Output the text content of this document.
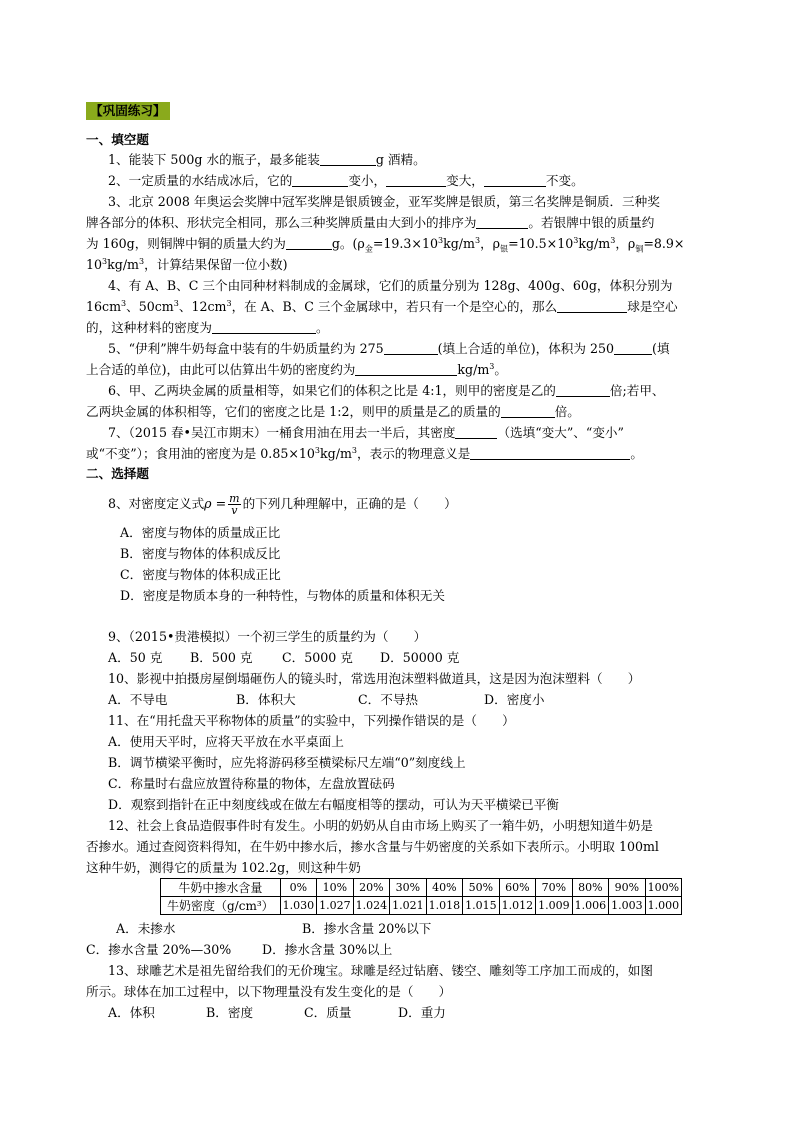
【巩固练习】
一、填空题
1、能装下 500g 水的瓶子，最多能装	g 酒精。
2、一定质量的水结成冰后，它的	变小，	变大，	不变。
3、北京 2008 年奥运会奖牌中冠军奖牌是银质镀金，亚军奖牌是银质，第三名奖牌是铜质．三种奖
牌各部分的体积、形状完全相同，那么三种奖牌质量由大到小的排序为	。若银牌中银的质量约
为 160g，则铜牌中铜的质量大约为	g。($\rho_金=19.3\times 10^3kg/m^3$，$\rho_银=10.5\times 10^3kg/m^3$，$\rho_铜=8.9\times$
$10^3kg/m^3$，计算结果保留一位小数)
4、有 A、B、C 三个由同种材料制成的金属球，它们的质量分别为 128g、400g、60g，体积分别为
$16cm^3$、$50cm^3$、$12cm^3$，在 A、B、C 三个金属球中，若只有一个是空心的，那么	球是空心
的，这种材料的密度为	。
5、“伊利”牌牛奶每盒中装有的牛奶质量约为 275	(填上合适的单位)，体积为 250	(填
上合适的单位)，由此可以估算出牛奶的密度约为	$kg/m^3$。
6、甲、乙两块金属的质量相等，如果它们的体积之比是 4:1，则甲的密度是乙的	倍;若甲、
乙两块金属的体积相等，它们的密度之比是 1:2，则甲的质量是乙的质量的	倍。
7、（2015 春•吴江市期末）一桶食用油在用去一半后，其密度	（选填“变大”、“变小”
或“不变”）；食用油的密度为是 $0.85\times 10^3kg/m^3$，表示的物理意义是	。
二、选择题
8、对密度定义式$\rho = \frac{m}{v}$ 的下列几种理解中，正确的是（　　）
A．密度与物体的质量成正比
B．密度与物体的体积成反比
C．密度与物体的体积成正比
D．密度是物质本身的一种特性，与物体的质量和体积无关
9、（2015•贵港模拟）一个初三学生的质量约为（　　）
A．50 克 B．500 克 C．5000 克 D．50000 克
10、影视中拍摄房屋倒塌砸伤人的镜头时，常选用泡沫塑料做道具，这是因为泡沫塑料（　　）
A．不导电	B．体积大	C．不导热	D．密度小
11、在“用托盘天平称物体的质量”的实验中，下列操作错误的是（　　）
A．使用天平时，应将天平放在水平桌面上
B．调节横梁平衡时，应先将游码移至横梁标尺左端“0”刻度线上
C．称量时右盘应放置待称量的物体，左盘放置砝码
D．观察到指针在正中刻度线或在做左右幅度相等的摆动，可认为天平横梁已平衡
12、社会上食品造假事件时有发生。小明的奶奶从自由市场上购买了一箱牛奶，小明想知道牛奶是
否掺水。通过查阅资料得知，在牛奶中掺水后，掺水含量与牛奶密度的关系如下表所示。小明取 100ml
这种牛奶，测得它的质量为 102.2g，则这种牛奶
牛奶中掺水含量	0%	10%	20%	30%	40%	50%	60%	70%	80%	90%	100%
牛奶密度（g/cm³）	1.030	1.027	1.024	1.021	1.018	1.015	1.012	1.009	1.006	1.003	1.000
A．未掺水	B．掺水含量 20%以下
C．掺水含量 20%—30% D．掺水含量 30%以上
13、球雕艺术是祖先留给我们的无价瑰宝。球雕是经过钻磨、镂空、雕刻等工序加工而成的，如图
所示。球体在加工过程中，以下物理量没有发生变化的是（　　）
A．体积	B．密度	C．质量	D．重力
